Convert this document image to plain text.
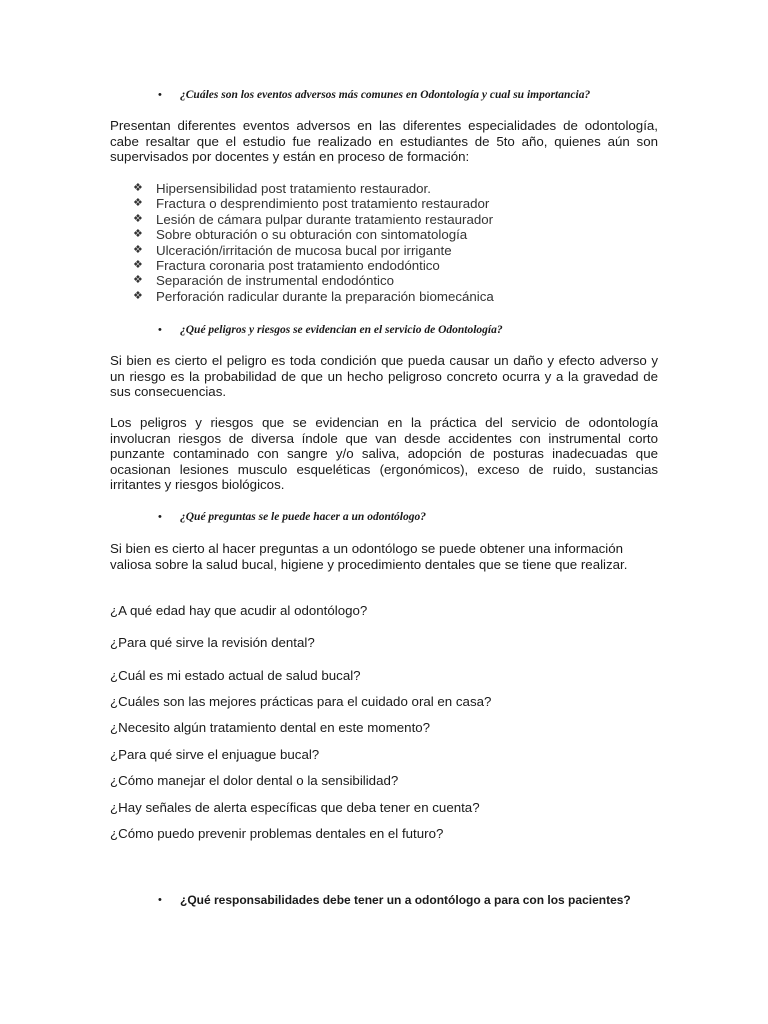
• ¿Cuáles son los eventos adversos más comunes en Odontología y cual su importancia?
Presentan diferentes eventos adversos en las diferentes especialidades de odontología, cabe resaltar que el estudio fue realizado en estudiantes de 5to año, quienes aún son supervisados por docentes y están en proceso de formación:
❖ Hipersensibilidad post tratamiento restaurador.
❖ Fractura o desprendimiento post tratamiento restaurador
❖ Lesión de cámara pulpar durante tratamiento restaurador
❖ Sobre obturación o su obturación con sintomatología
❖ Ulceración/irritación de mucosa bucal por irrigante
❖ Fractura coronaria post tratamiento endodóntico
❖ Separación de instrumental endodóntico
❖ Perforación radicular durante la preparación biomecánica
• ¿Qué peligros y riesgos se evidencian en el servicio de Odontología?
Si bien es cierto el peligro es toda condición que pueda causar un daño y efecto adverso y un riesgo es la probabilidad de que un hecho peligroso concreto ocurra y a la gravedad de sus consecuencias.
Los peligros y riesgos que se evidencian en la práctica del servicio de odontología involucran riesgos de diversa índole que van desde accidentes con instrumental corto punzante contaminado con sangre y/o saliva, adopción de posturas inadecuadas que ocasionan lesiones musculo esqueléticas (ergonómicos), exceso de ruido, sustancias irritantes y riesgos biológicos.
• ¿Qué preguntas se le puede hacer a un odontólogo?
Si bien es cierto al hacer preguntas a un odontólogo se puede obtener una información valiosa sobre la salud bucal, higiene y procedimiento dentales que se tiene que realizar.
¿A qué edad hay que acudir al odontólogo?
¿Para qué sirve la revisión dental?
¿Cuál es mi estado actual de salud bucal?
¿Cuáles son las mejores prácticas para el cuidado oral en casa?
¿Necesito algún tratamiento dental en este momento?
¿Para qué sirve el enjuague bucal?
¿Cómo manejar el dolor dental o la sensibilidad?
¿Hay señales de alerta específicas que deba tener en cuenta?
¿Cómo puedo prevenir problemas dentales en el futuro?
• ¿Qué responsabilidades debe tener un a odontólogo a para con los pacientes?
